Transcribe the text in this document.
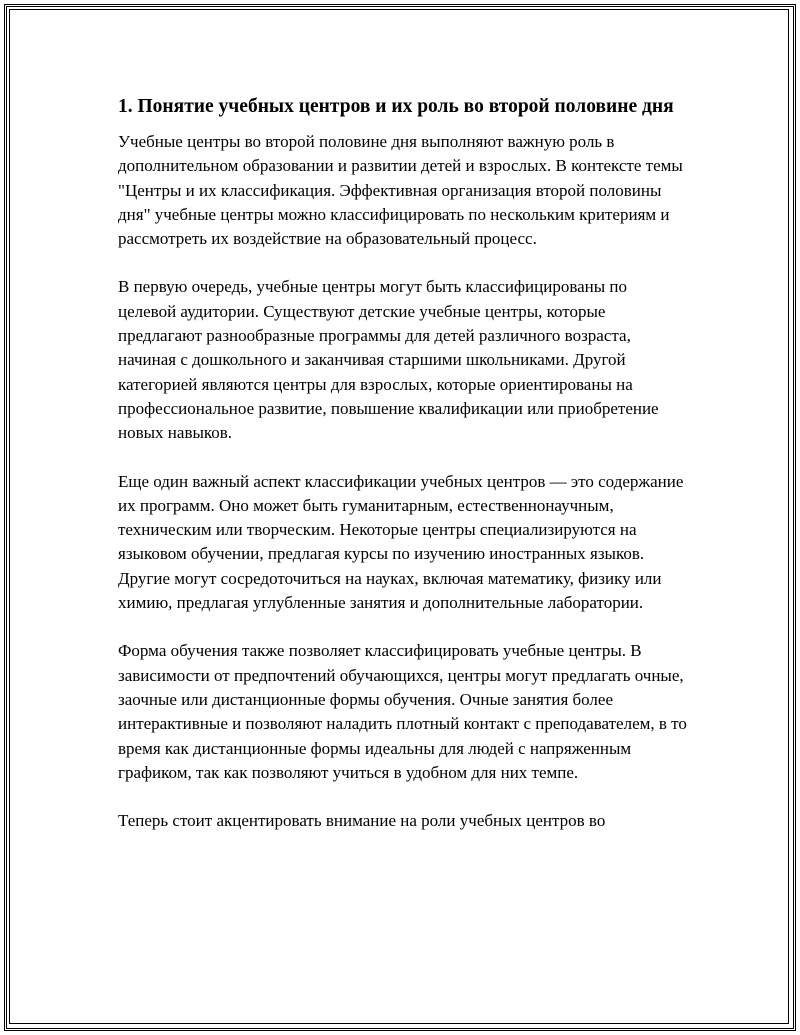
1. Понятие учебных центров и их роль во второй половине дня

Учебные центры во второй половине дня выполняют важную роль в дополнительном образовании и развитии детей и взрослых. В контексте темы "Центры и их классификация. Эффективная организация второй половины дня" учебные центры можно классифицировать по нескольким критериям и рассмотреть их воздействие на образовательный процесс.

В первую очередь, учебные центры могут быть классифицированы по целевой аудитории. Существуют детские учебные центры, которые предлагают разнообразные программы для детей различного возраста, начиная с дошкольного и заканчивая старшими школьниками. Другой категорией являются центры для взрослых, которые ориентированы на профессиональное развитие, повышение квалификации или приобретение новых навыков.

Еще один важный аспект классификации учебных центров — это содержание их программ. Оно может быть гуманитарным, естественнонаучным, техническим или творческим. Некоторые центры специализируются на языковом обучении, предлагая курсы по изучению иностранных языков. Другие могут сосредоточиться на науках, включая математику, физику или химию, предлагая углубленные занятия и дополнительные лаборатории.

Форма обучения также позволяет классифицировать учебные центры. В зависимости от предпочтений обучающихся, центры могут предлагать очные, заочные или дистанционные формы обучения. Очные занятия более интерактивные и позволяют наладить плотный контакт с преподавателем, в то время как дистанционные формы идеальны для людей с напряженным графиком, так как позволяют учиться в удобном для них темпе.

Теперь стоит акцентировать внимание на роли учебных центров во
